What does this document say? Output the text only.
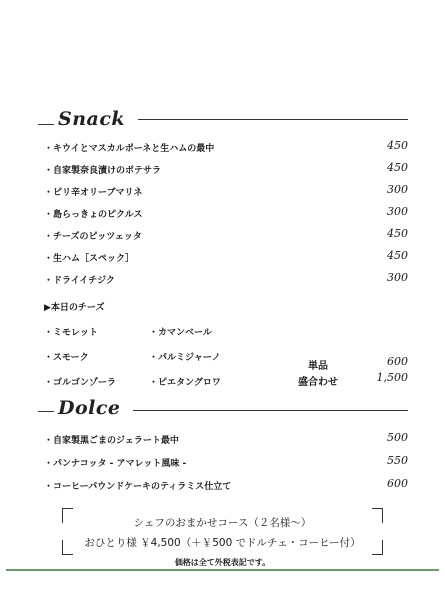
Snack
・キウイとマスカルポーネと生ハムの最中	450
・自家製奈良漬けのポテサラ	450
・ピリ辛オリーブマリネ	300
・島らっきょのピクルス	300
・チーズのピッツェッタ	450
・生ハム［スペック］	450
・ドライイチジク	300
▶本日のチーズ
・ミモレット
・スモーク
・ゴルゴンゾーラ
・カマンベール
・パルミジャーノ
・ピエタングロワ
単品	600
盛合わせ	1,500
Dolce
・自家製黒ごまのジェラート最中	500
・パンナコッタ - アマレット風味 -	550
・コーヒーパウンドケーキのティラミス仕立て	600
シェフのおまかせコース（２名様〜）
おひとり様 ￥4,500（＋￥500 でドルチェ・コーヒー付）
価格は全て外税表記です。
